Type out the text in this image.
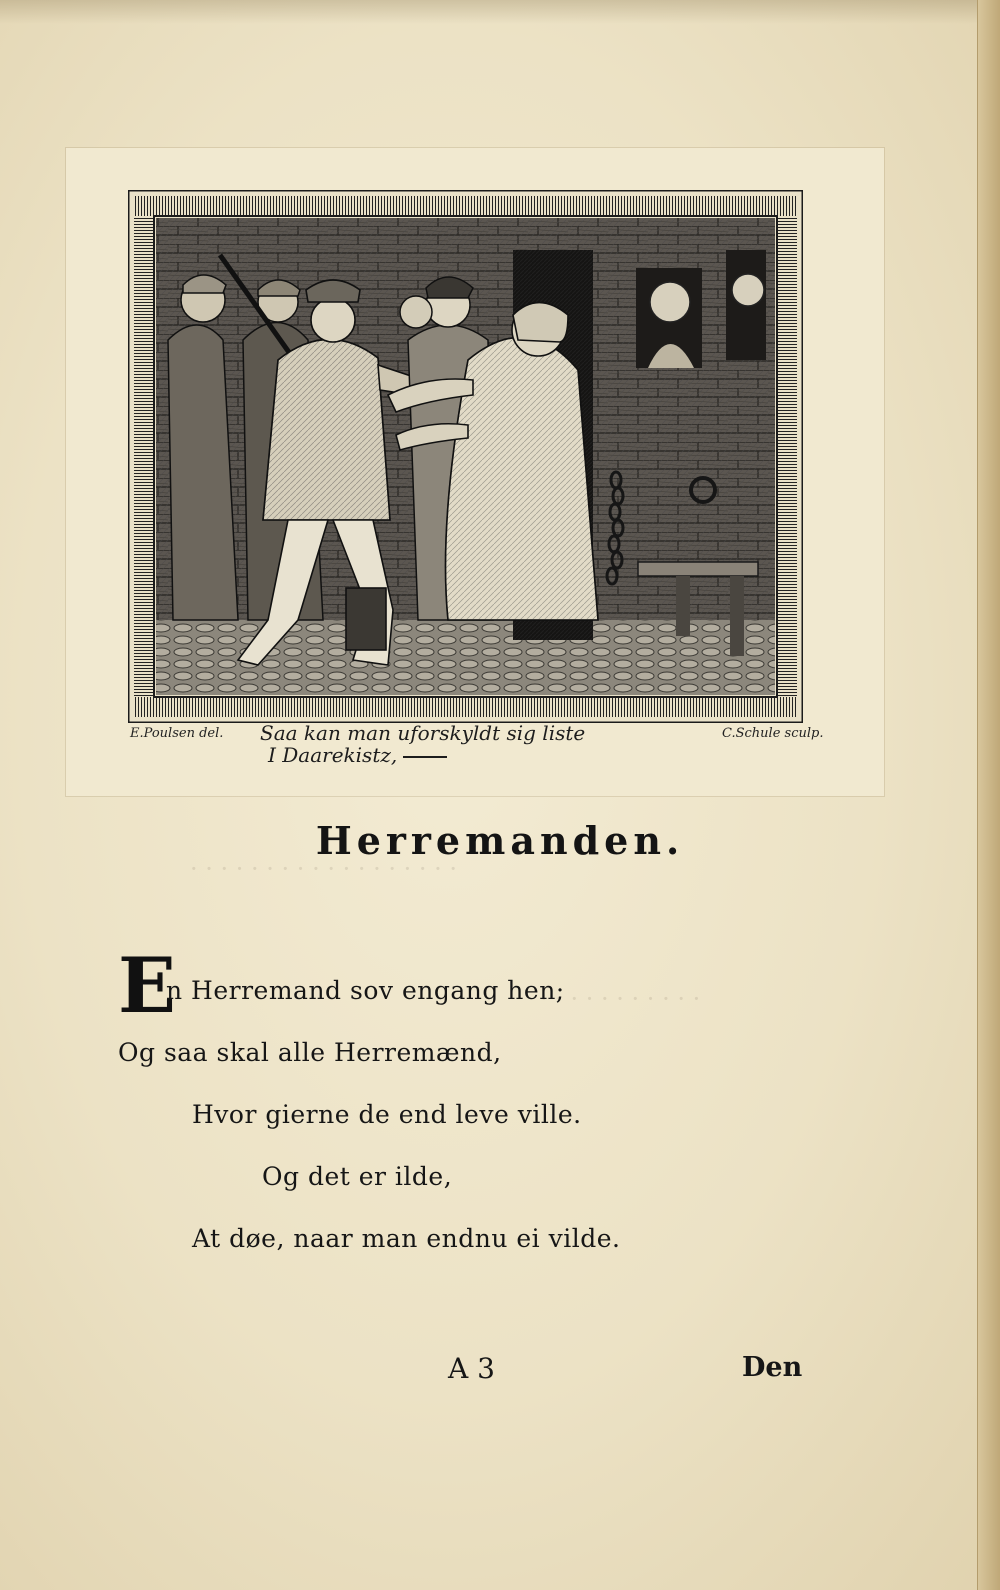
· · · · · · · · · · · · · · · · · ·
· · · · · · · · · · ·
E.Poulsen del.	C.Schule sculp.
Saa kan man uforskyldt sig liste
I Daarekistz,
Herremanden.
E
n Herremand sov engang hen;
Og saa skal alle Herremænd,
Hvor gierne de end leve ville.
Og det er ilde,
At døe, naar man endnu ei vilde.
A 3	Den
